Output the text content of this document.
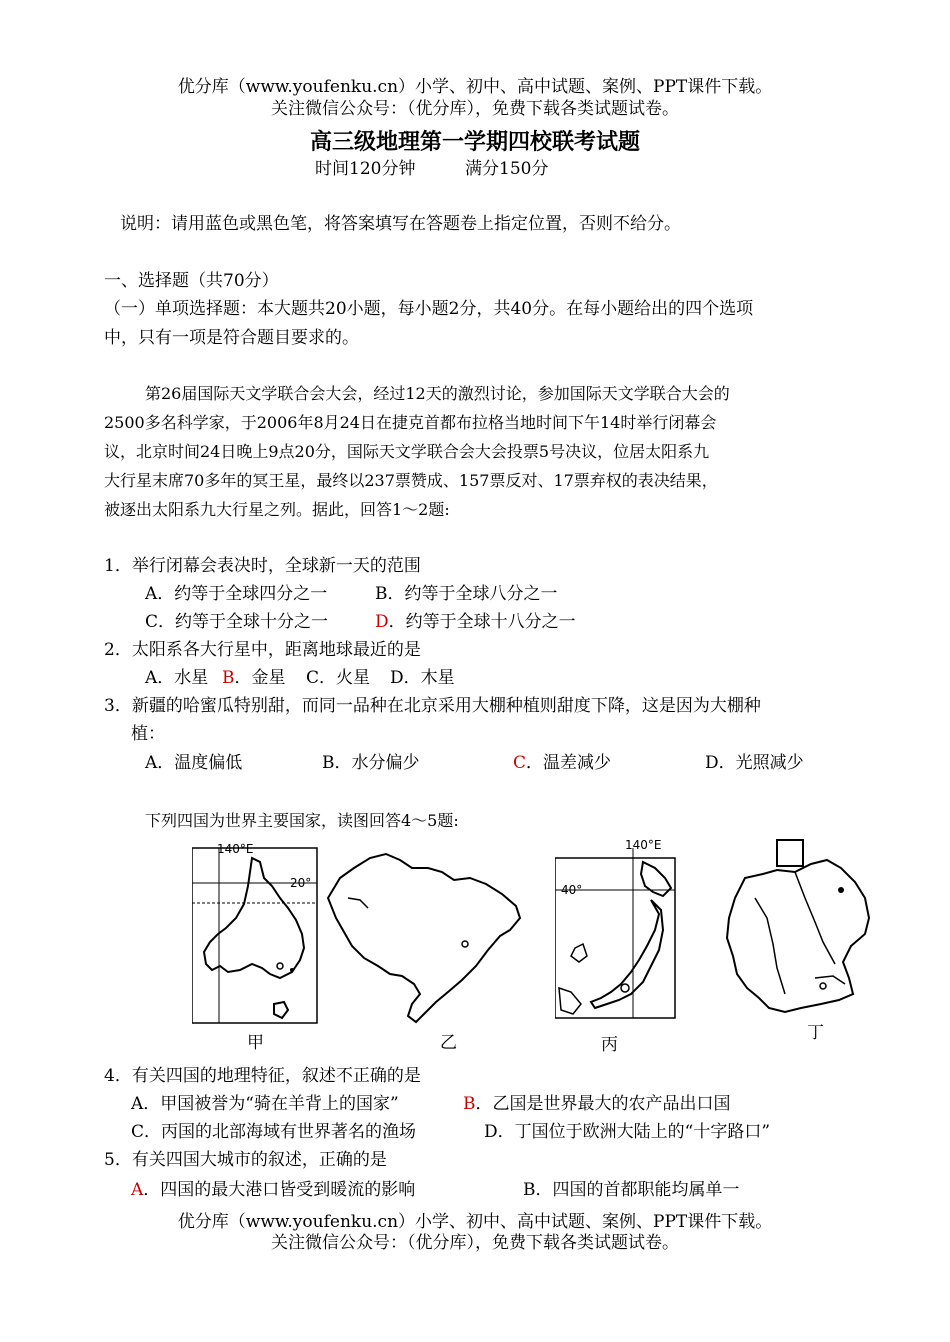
优分库（www.youfenku.cn）小学、初中、高中试题、案例、PPT课件下载。
关注微信公众号：（优分库），免费下载各类试题试卷。
高三级地理第一学期四校联考试题
时间120分钟	满分150分
说明：请用蓝色或黑色笔，将答案填写在答题卷上指定位置，否则不给分。
一、选择题（共70分）
（一）单项选择题：本大题共20小题，每小题2分，共40分。在每小题给出的四个选项
中，只有一项是符合题目要求的。
第26届国际天文学联合会大会，经过12天的激烈讨论，参加国际天文学联合大会的
2500多名科学家，于2006年8月24日在捷克首都布拉格当地时间下午14时举行闭幕会
议，北京时间24日晚上9点20分，国际天文学联合会大会投票5号决议，位居太阳系九
大行星末席70多年的冥王星，最终以237票赞成、157票反对、17票弃权的表决结果，
被逐出太阳系九大行星之列。据此，回答1～2题:
1．举行闭幕会表决时，全球新一天的范围
A．约等于全球四分之一	B．约等于全球八分之一
C．约等于全球十分之一	D．约等于全球十八分之一
2．太阳系各大行星中，距离地球最近的是
A．水星 B．金星 C．火星 D．木星
3．新疆的哈蜜瓜特别甜，而同一品种在北京采用大棚种植则甜度下降，这是因为大棚种
植：
A．温度偏低	B．水分偏少	C．温差减少	D．光照减少
下列四国为世界主要国家，读图回答4～5题:
140°E
20°
甲	乙
140°E
40°
丙
丁
4．有关四国的地理特征，叙述不正确的是
A．甲国被誉为“骑在羊背上的国家”	B．乙国是世界最大的农产品出口国
C．丙国的北部海域有世界著名的渔场	D．丁国位于欧洲大陆上的“十字路口”
5．有关四国大城市的叙述，正确的是
A．四国的最大港口皆受到暖流的影响	B．四国的首都职能均属单一
优分库（www.youfenku.cn）小学、初中、高中试题、案例、PPT课件下载。
关注微信公众号：（优分库），免费下载各类试题试卷。
